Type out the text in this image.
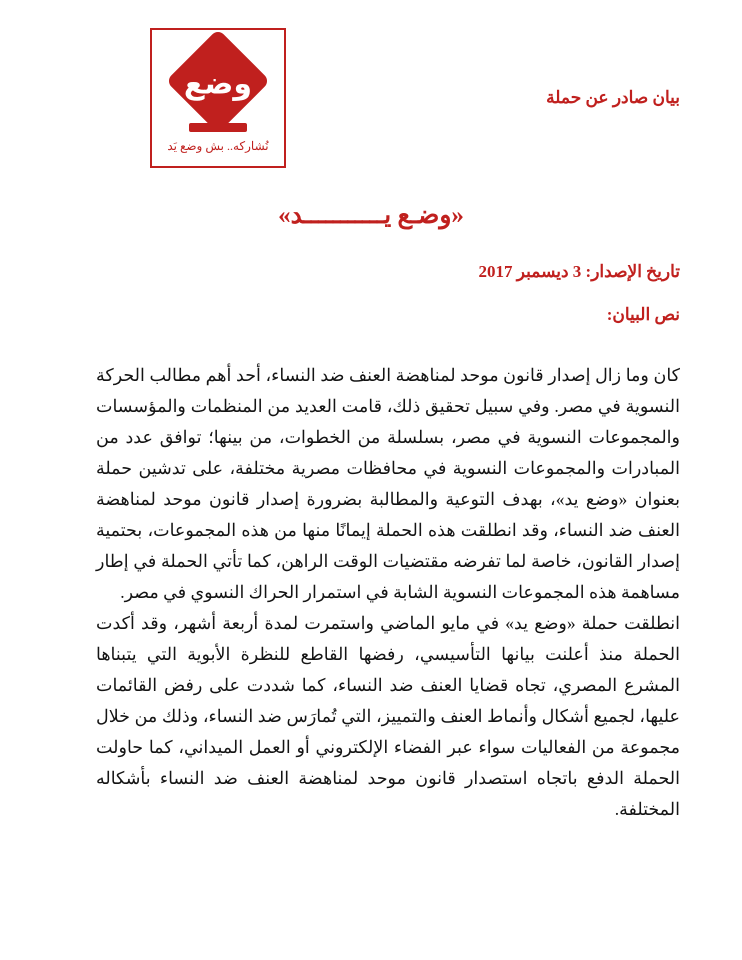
وضع
نُشاركه.. بش وضع يَد
بيان صادر عن حملة
«وضـع يـــــــــــد»
تاريخ الإصدار: 3 ديسمبر 2017
نص البيان:

كان وما زال إصدار قانون موحد لمناهضة العنف ضد النساء، أحد أهم مطالب الحركة النسوية في مصر. وفي سبيل تحقيق ذلك، قامت العديد من المنظمات والمؤسسات والمجموعات النسوية في مصر، بسلسلة من الخطوات، من بينها؛ توافق عدد من المبادرات والمجموعات النسوية في محافظات مصرية مختلفة، على تدشين حملة بعنوان «وضع يد»، بهدف التوعية والمطالبة بضرورة إصدار قانون موحد لمناهضة العنف ضد النساء، وقد انطلقت هذه الحملة إيمانًا منها من هذه المجموعات، بحتمية إصدار القانون، خاصة لما تفرضه مقتضيات الوقت الراهن، كما تأتي الحملة في إطار مساهمة هذه المجموعات النسوية الشابة في استمرار الحراك النسوي في مصر.

انطلقت حملة «وضع يد» في مايو الماضي واستمرت لمدة أربعة أشهر، وقد أكدت الحملة منذ أعلنت بيانها التأسيسي، رفضها القاطع للنظرة الأبوية التي يتبناها المشرع المصري، تجاه قضايا العنف ضد النساء، كما شددت على رفض القائمات عليها، لجميع أشكال وأنماط العنف والتمييز، التي تُمارَس ضد النساء، وذلك من خلال مجموعة من الفعاليات سواء عبر الفضاء الإلكتروني أو العمل الميداني، كما حاولت الحملة الدفع باتجاه استصدار قانون موحد لمناهضة العنف ضد النساء بأشكاله المختلفة.
